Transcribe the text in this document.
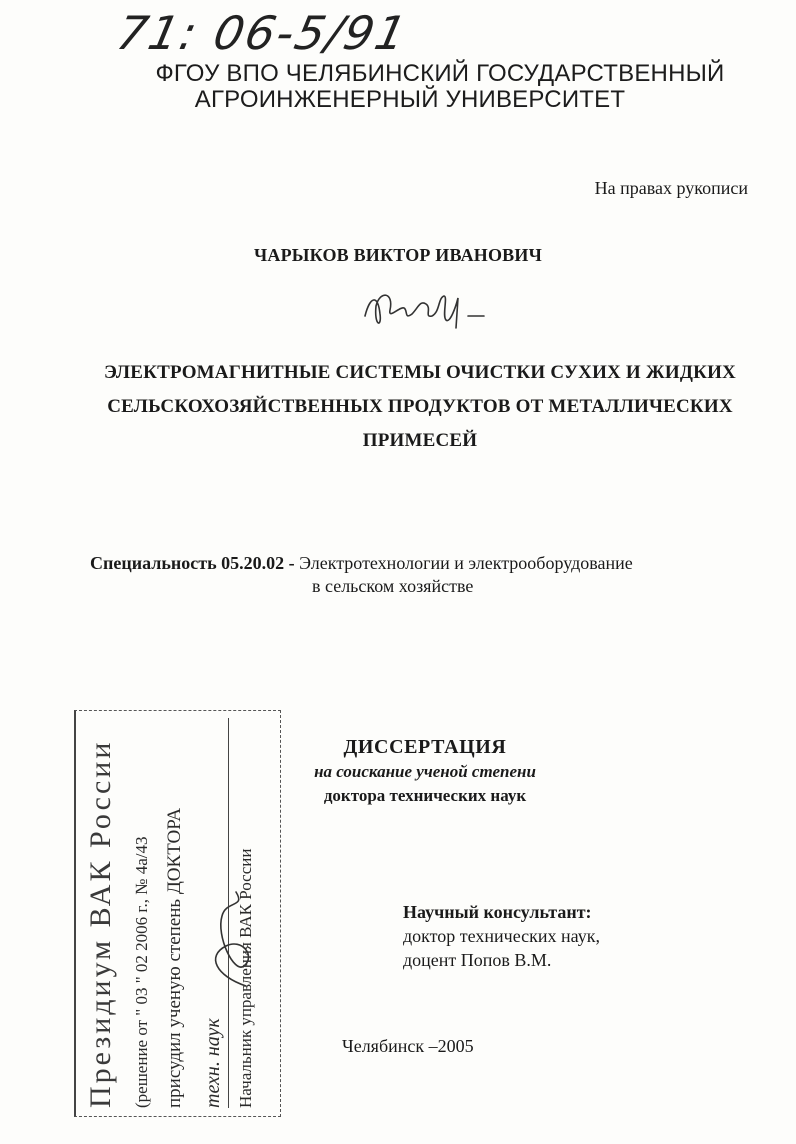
71: 06-5/91
ФГОУ ВПО ЧЕЛЯБИНСКИЙ ГОСУДАРСТВЕННЫЙ
АГРОИНЖЕНЕРНЫЙ УНИВЕРСИТЕТ
На правах рукописи
ЧАРЫКОВ ВИКТОР ИВАНОВИЧ
ЭЛЕКТРОМАГНИТНЫЕ СИСТЕМЫ ОЧИСТКИ СУХИХ И ЖИДКИХ
СЕЛЬСКОХОЗЯЙСТВЕННЫХ ПРОДУКТОВ ОТ МЕТАЛЛИЧЕСКИХ
ПРИМЕСЕЙ
Специальность 05.20.02 - Электротехнологии и электрооборудование
в сельском хозяйстве
ДИССЕРТАЦИЯ
на соискание ученой степени
доктора технических наук
Научный консультант:
доктор технических наук,
доцент Попов В.М.
Челябинск –2005
Президиум ВАК России (решение от " 03 " 02 2006 г., № 4а/43 присудил ученую степень ДОКТОРА техн. наук Начальник управления ВАК России
